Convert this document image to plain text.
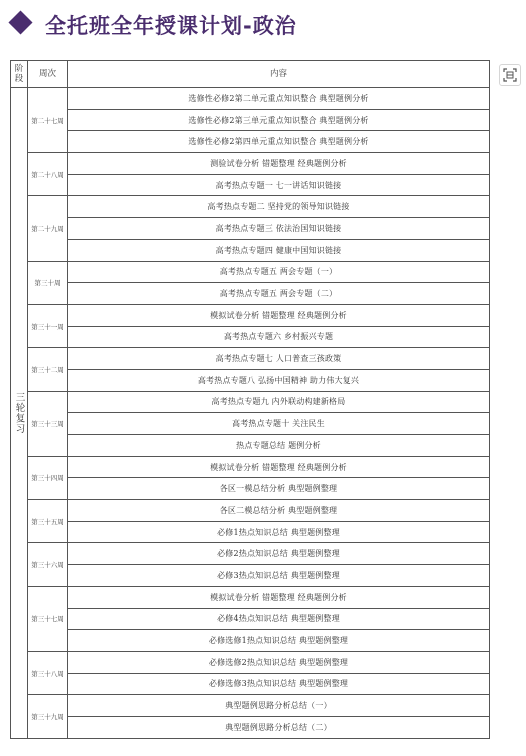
全托班全年授课计划-政治
阶段	周次	内容
三轮复习	第二十七周	选修性必修2第二单元重点知识整合 典型题例分析
		选修性必修2第三单元重点知识整合 典型题例分析
		选修性必修2第四单元重点知识整合 典型题例分析
	第二十八周	测验试卷分析 错题整理 经典题例分析
		高考热点专题一 七一讲话知识链接
	第二十九周	高考热点专题二 坚持党的领导知识链接
		高考热点专题三 依法治国知识链接
		高考热点专题四 健康中国知识链接
	第三十周	高考热点专题五 两会专题（一）
		高考热点专题五 两会专题（二）
	第三十一周	模拟试卷分析 错题整理 经典题例分析
		高考热点专题六 乡村振兴专题
	第三十二周	高考热点专题七 人口普查三孩政策
		高考热点专题八 弘扬中国精神 助力伟大复兴
	第三十三周	高考热点专题九 内外联动构建新格局
		高考热点专题十 关注民生
		热点专题总结 题例分析
	第三十四周	模拟试卷分析 错题整理 经典题例分析
		各区一模总结分析 典型题例整理
	第三十五周	各区二模总结分析 典型题例整理
		必修1热点知识总结 典型题例整理
	第三十六周	必修2热点知识总结 典型题例整理
		必修3热点知识总结 典型题例整理
	第三十七周	模拟试卷分析 错题整理 经典题例分析
		必修4热点知识总结 典型题例整理
		必修选修1热点知识总结 典型题例整理
	第三十八周	必修选修2热点知识总结 典型题例整理
		必修选修3热点知识总结 典型题例整理
	第三十九周	典型题例思路分析总结（一）
		典型题例思路分析总结（二）
